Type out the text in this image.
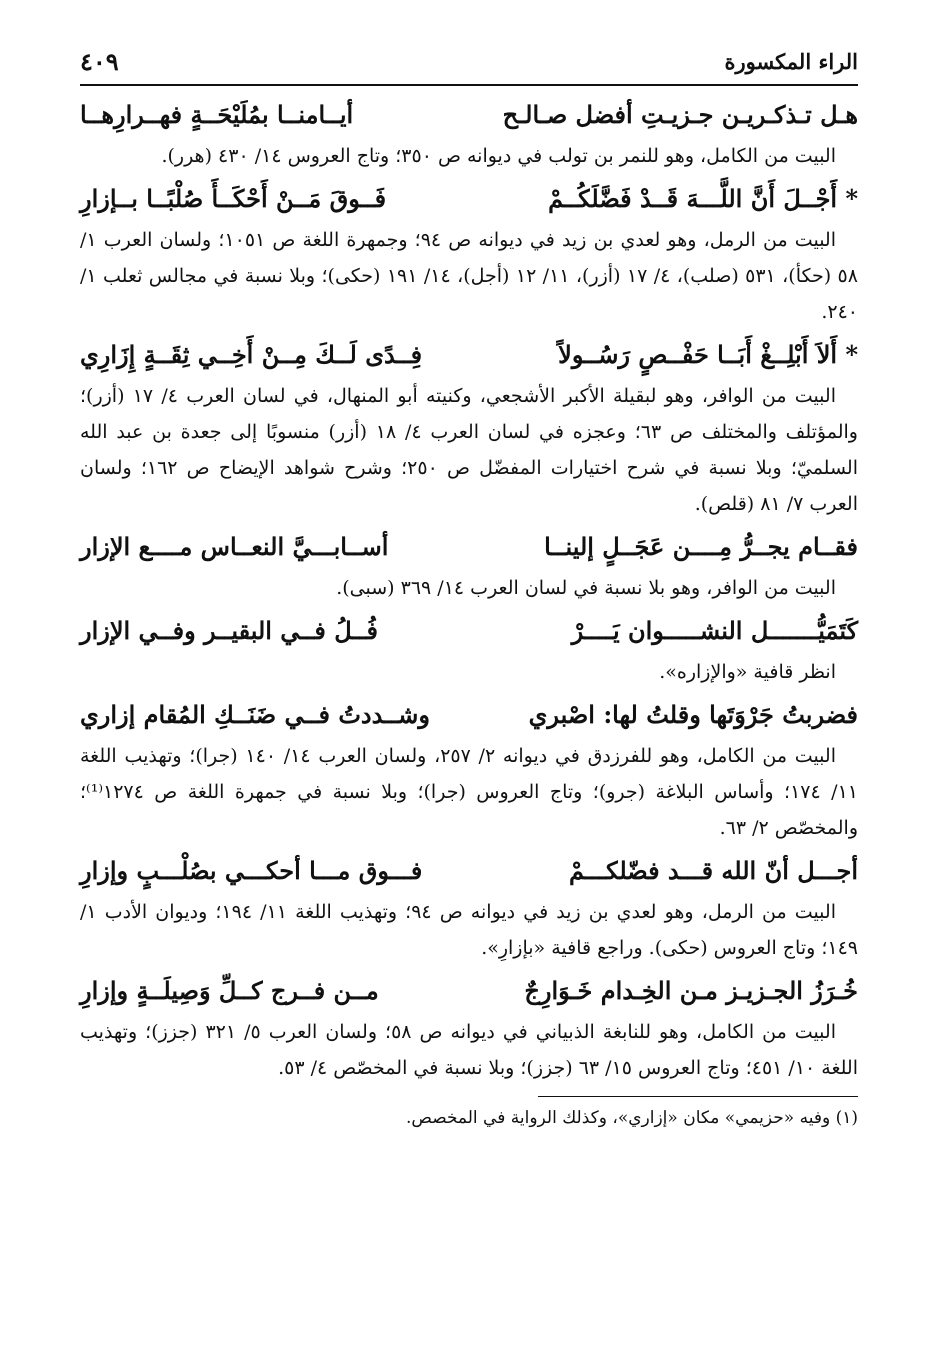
الراء المكسورة
٤٠٩
هـل تـذكـريـن جـزيـتِ أفضل صـالـح
أيــامنــا بمُلَيْحَــةٍ فهــرارِهــا

البيت من الكامل، وهو للنمر بن تولب في ديوانه ص ٣٥٠؛ وتاج العروس ١٤/ ٤٣٠ (هرر).

* أَجْــلَ أَنَّ اللَّـــهَ قَــدْ فَضَّلَكُــمْ
فَــوقَ مَــنْ أَحْكَــأَ صُلْبًــا بــإزارِ

البيت من الرمل، وهو لعدي بن زيد في ديوانه ص ٩٤؛ وجمهرة اللغة ص ١٠٥١؛ ولسان العرب ١/ ٥٨ (حكأ)، ٥٣١ (صلب)، ٤/ ١٧ (أزر)، ١١/ ١٢ (أجل)، ١٤/ ١٩١ (حكى)؛ وبلا نسبة في مجالس ثعلب ١/ ٢٤٠.

* أَلاَ أَبْلِــغْ أَبَــا حَفْــصٍ رَسُــولاً
فِــدًى لَــكَ مِــنْ أَخِــي ثِقَــةٍ إِزَارِي

البيت من الوافر، وهو لبقيلة الأكبر الأشجعي، وكنيته أبو المنهال، في لسان العرب ٤/ ١٧ (أزر)؛ والمؤتلف والمختلف ص ٦٣؛ وعجزه في لسان العرب ٤/ ١٨ (أزر) منسوبًا إلى جعدة بن عبد الله السلميّ؛ وبلا نسبة في شرح اختيارات المفضّل ص ٢٥٠؛ وشرح شواهد الإيضاح ص ١٦٢؛ ولسان العرب ٧/ ٨١ (قلص).

فقــام يجــرُّ مِــــن عَجَــلٍ إلينــا
أســابـــيَّ النعــاس مــــع الإزار

البيت من الوافر، وهو بلا نسبة في لسان العرب ١٤/ ٣٦٩ (سبى).

كَتَمَيُّـــــــل النشـــــوان يَــــرْ
فُــلُ فــي البقيــر وفــي الإزار

انظر قافية «والإزاره».

فضربتُ جَرْوَتَها وقلتُ لها: اصْبري
وشــددتُ فــي ضَنَــكِ المُقام إزاري

البيت من الكامل، وهو للفرزدق في ديوانه ٢/ ٢٥٧، ولسان العرب ١٤/ ١٤٠ (جرا)؛ وتهذيب اللغة ١١/ ١٧٤؛ وأساس البلاغة (جرو)؛ وتاج العروس (جرا)؛ وبلا نسبة في جمهرة اللغة ص ١٢٧٤⁽¹⁾؛ والمخصّص ٢/ ٦٣.

أجـــل أنّ الله قـــد فضّلكـــمْ
فـــوق مـــا أحكـــي بصُلْـــبٍ وإزارِ

البيت من الرمل، وهو لعدي بن زيد في ديوانه ص ٩٤؛ وتهذيب اللغة ١١/ ١٩٤؛ وديوان الأدب ١/ ١٤٩؛ وتاج العروس (حكى). وراجع قافية «بإزارِ».

خُـرَزُ الجـزيـز مـن الخِـدام خَـوَارِجٌ
مــن فــرج كــلِّ وَصِيلَــةٍ وإزارِ

البيت من الكامل، وهو للنابغة الذبياني في ديوانه ص ٥٨؛ ولسان العرب ٥/ ٣٢١ (جزز)؛ وتهذيب اللغة ١٠/ ٤٥١؛ وتاج العروس ١٥/ ٦٣ (جزز)؛ وبلا نسبة في المخصّص ٤/ ٥٣.

(١) وفيه «حزيمي» مكان «إزاري»، وكذلك الرواية في المخصص.
